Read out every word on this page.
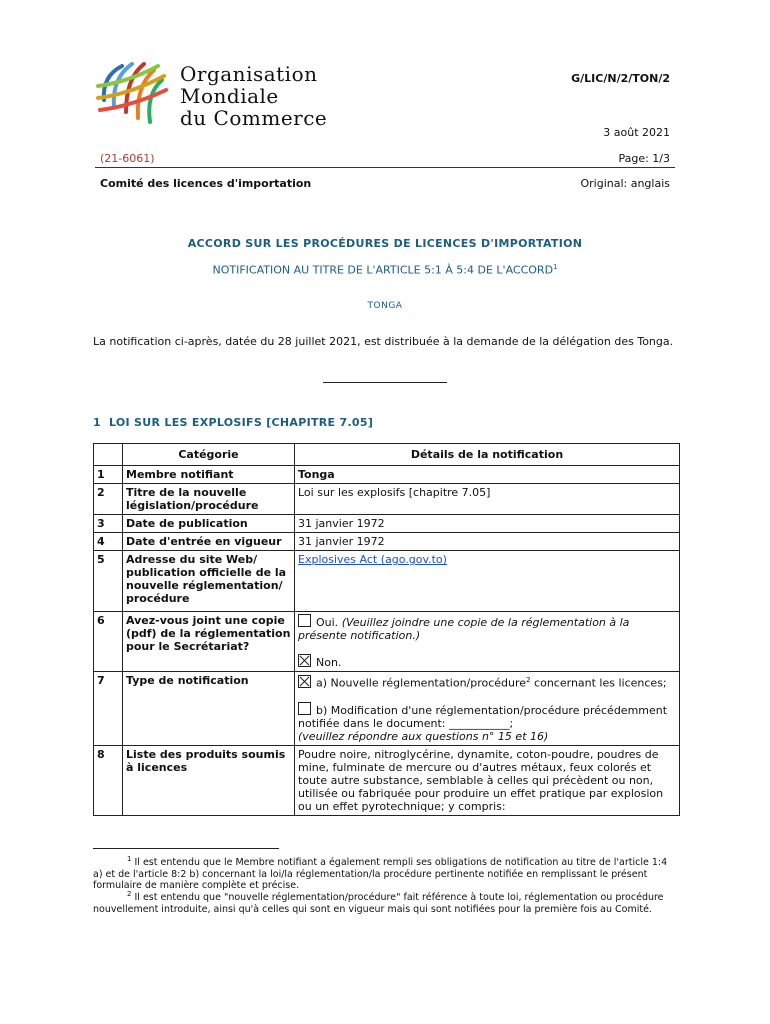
Organisation
Mondiale
du Commerce
G/LIC/N/2/TON/2
3 août 2021
(21-6061)	Page: 1/3
Comité des licences d'importation	Original: anglais
ACCORD SUR LES PROCÉDURES DE LICENCES D'IMPORTATION
NOTIFICATION AU TITRE DE L'ARTICLE 5:1 À 5:4 DE L'ACCORD$^1$
TONGA
La notification ci-après, datée du 28 juillet 2021, est distribuée à la demande de la délégation des Tonga.
1 LOI SUR LES EXPLOSIFS [CHAPITRE 7.05]
	Catégorie	Détails de la notification
1	Membre notifiant	Tonga
2	Titre de la nouvelle législation/procédure	Loi sur les explosifs [chapitre 7.05]
3	Date de publication	31 janvier 1972
4	Date d'entrée en vigueur	31 janvier 1972
5	Adresse du site Web/ publication officielle de la nouvelle réglementation/ procédure	Explosives Act (ago.gov.to)
6	Avez-vous joint une copie (pdf) de la réglementation pour le Secrétariat?	Oui. (Veuillez joindre une copie de la réglementation à la présente notification.)
Non.

7	Type de notification	a) Nouvelle réglementation/procédure$^2$ concernant les licences;
b) Modification d'une réglementation/procédure précédemment notifiée dans le document: ___________;
(veuillez répondre aux questions n° 15 et 16)

8	Liste des produits soumis à licences	Poudre noire, nitroglycérine, dynamite, coton-poudre, poudres de mine, fulminate de mercure ou d'autres métaux, feux colorés et toute autre substance, semblable à celles qui précèdent ou non, utilisée ou fabriquée pour produire un effet pratique par explosion ou un effet pyrotechnique; y compris:
$^1$ Il est entendu que le Membre notifiant a également rempli ses obligations de notification au titre de l'article 1:4 a) et de l'article 8:2 b) concernant la loi/la réglementation/la procédure pertinente notifiée en remplissant le présent formulaire de manière complète et précise.
$^2$ Il est entendu que "nouvelle réglementation/procédure" fait référence à toute loi, réglementation ou procédure nouvellement introduite, ainsi qu'à celles qui sont en vigueur mais qui sont notifiées pour la première fois au Comité.
